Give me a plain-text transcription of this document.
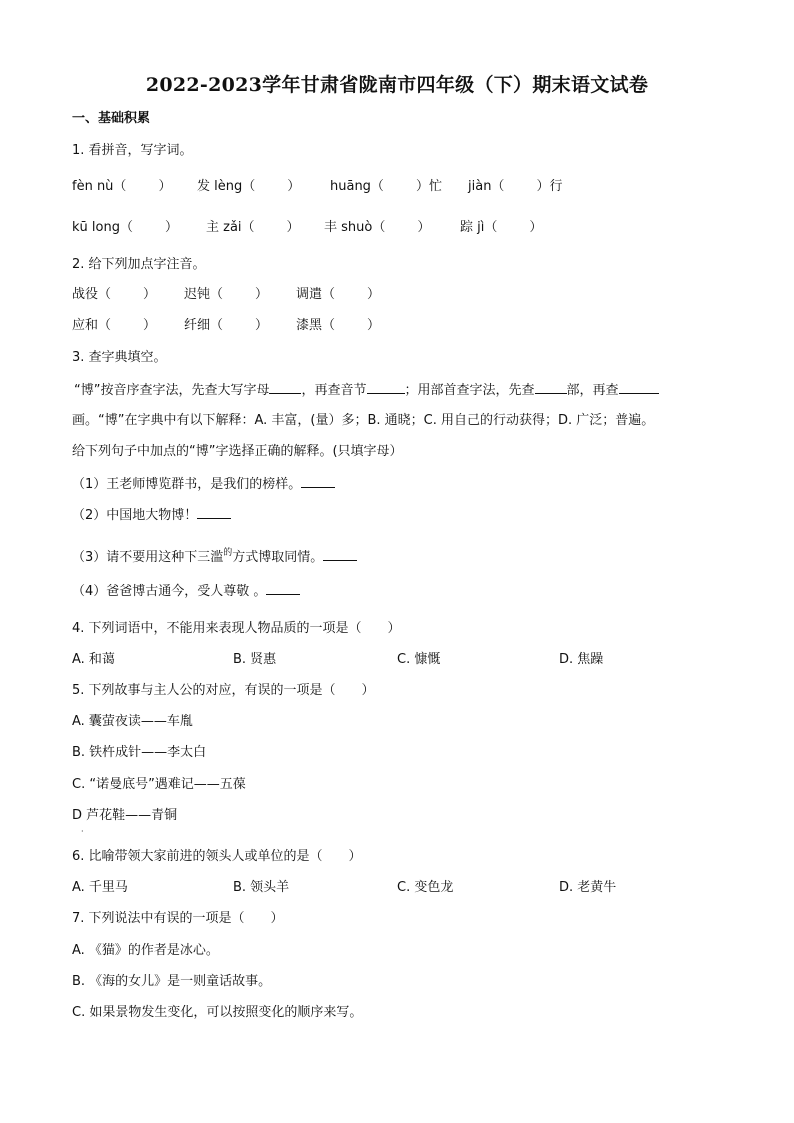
2022-2023学年甘肃省陇南市四年级（下）期末语文试卷
一、基础积累
1. 看拼音，写字词。
fèn nù（ ） 发 lèng（ ） huāng（ ）忙 jiàn（ ）行
kū long（ ） 主 zǎi（ ） 丰 shuò（ ） 踪 jì（ ）
2. 给下列加点字注音。
战役（ ） 迟钝（ ） 调遣（ ）
应和（ ） 纤细（ ） 漆黑（ ）
3. 查字典填空。
“博”按音序查字法，先查大写字母 ，再查音节	；用部首查字法，先查 部，再查
画。“博”在字典中有以下解释：A. 丰富，(量）多；B. 通晓；C. 用自己的行动获得；D. 广泛；普遍。
给下列句子中加点的“博”字选择正确的解释。(只填字母）
（1）王老师博览群书，是我们的榜样。
（2）中国地大物博！
（3）请不要用这种下三滥$^的$方式博取同情。
（4）爸爸博古通今，受人尊敬 。
4. 下列词语中，不能用来表现人物品质的一项是（　　）
A. 和蔼	B. 贤惠	C. 慷慨	D. 焦躁
5. 下列故事与主人公的对应，有误的一项是（　　）
A. 囊萤夜读——车胤
B. 铁杵成针——李太白
C. “诺曼底号”遇难记——五葆
D 芦花鞋——青铜
·
6. 比喻带领大家前进的领头人或单位的是（　　）
A. 千里马	B. 领头羊	C. 变色龙	D. 老黄牛
7. 下列说法中有误的一项是（　　）
A. 《猫》的作者是冰心。
B. 《海的女儿》是一则童话故事。
C. 如果景物发生变化，可以按照变化的顺序来写。
